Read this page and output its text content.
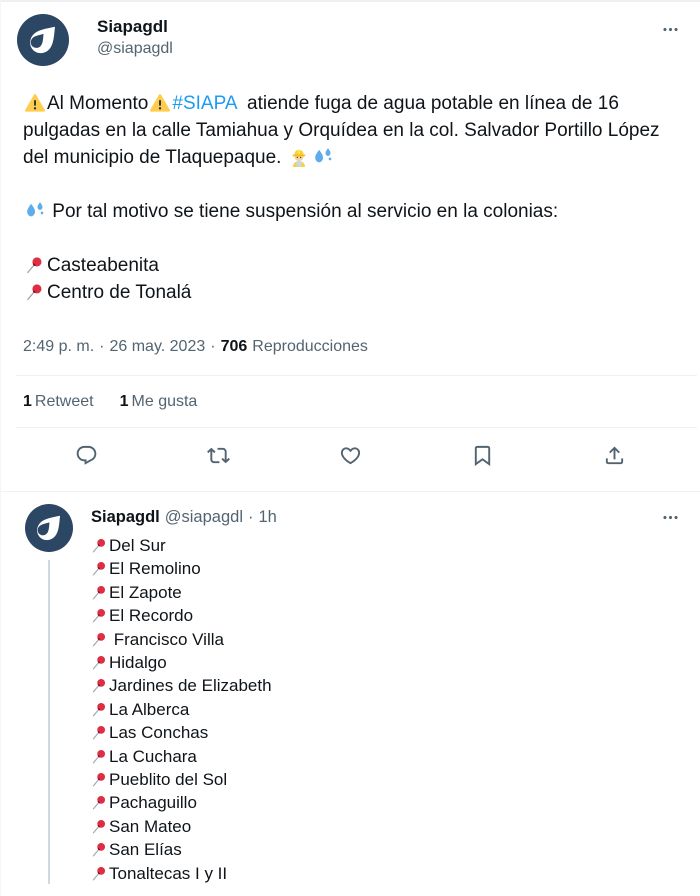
Siapagdl
@siapagdl

Al Momento #SIAPA  atiende fuga de agua potable en línea de 16 pulgadas en la calle Tamiahua y Orquídea en la col. Salvador Portillo López del municipio de Tlaquepaque.

Por tal motivo se tiene suspensión al servicio en la colonias:

Casteabenita
Centro de Tonalá
2:49 p. m. · 26 may. 2023 · 706 Reproducciones
1 Retweet 1 Me gusta
Siapagdl @siapagdl · 1h
Del Sur
El Remolino
El Zapote
El Recordo
Francisco Villa
Hidalgo
Jardines de Elizabeth
La Alberca
Las Conchas
La Cuchara
Pueblito del Sol
Pachaguillo
San Mateo
San Elías
Tonaltecas I y II
